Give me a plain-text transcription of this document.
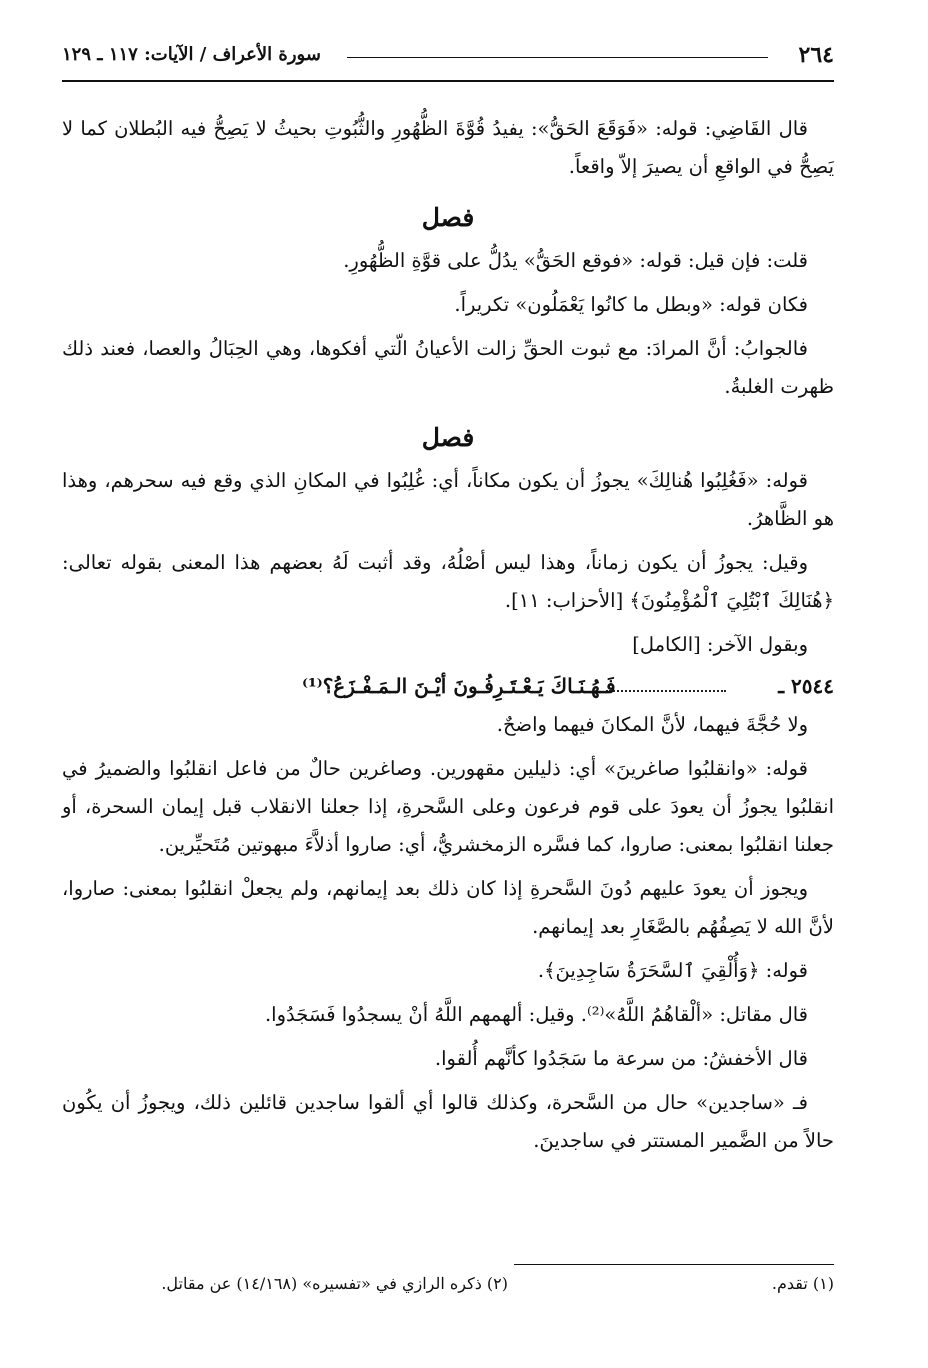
٢٦٤
سورة الأعراف / الآيات: ١١٧ ـ ١٢٩

قال القَاضِي: قوله: «فَوَقَعَ الحَقُّ»: يفيدُ قُوَّةَ الظُّهُورِ والثُّبُوتِ بحيثُ لا يَصِحُّ فيه البُطلان كما لا يَصِحُّ في الواقعِ أن يصيرَ إلاّ واقعاً.

فصل

قلت: فإن قيل: قوله: «فوقع الحَقُّ» يدُلُّ على قوَّةِ الظُّهُورِ.

فكان قوله: «وبطل ما كانُوا يَعْمَلُون» تكريراً.

فالجوابُ: أنَّ المرادَ: مع ثبوت الحقِّ زالت الأعيانُ الّتي أفكوها، وهي الحِبَالُ والعصا، فعند ذلك ظهرت الغلبةُ.

فصل

قوله: «فَغُلِبُوا هُنالِكَ» يجوزُ أن يكون مكاناً، أي: غُلِبُوا في المكانِ الذي وقع فيه سحرهم، وهذا هو الظَّاهرُ.

وقيل: يجوزُ أن يكون زماناً، وهذا ليس أصْلُهُ، وقد أثبت لَهُ بعضهم هذا المعنى بقوله تعالى: ﴿هُنَالِكَ ٱبْتُلِيَ ٱلْمُؤْمِنُونَ﴾ [الأحزاب: ١١].

وبقول الآخر: [الكامل]

٢٥٤٤ ـ
فَـهُـنَـاكَ يَـعْـتَـرِفُـونَ أيْـنَ الـمَـفْـزَعُ؟⁽¹⁾

ولا حُجَّةَ فيهما، لأنَّ المكانَ فيهما واضحٌ.

قوله: «وانقلبُوا صاغرينَ» أي: ذليلين مقهورين. وصاغرين حالٌ من فاعل انقلبُوا والضميرُ في انقلبُوا يجوزُ أن يعودَ على قوم فرعون وعلى السَّحرةِ، إذا جعلنا الانقلاب قبل إيمان السحرة، أو جعلنا انقلبُوا بمعنى: صاروا، كما فسَّره الزمخشريُّ، أي: صاروا أذلاَّءَ مبهوتين مُتَحيِّرين.

ويجوز أن يعودَ عليهم دُونَ السَّحرةِ إذا كان ذلك بعد إيمانهم، ولم يجعلْ انقلبُوا بمعنى: صاروا، لأنَّ الله لا يَصِفُهُم بالصَّغَارِ بعد إيمانهم.

قوله: ﴿وَأُلْقِيَ ٱلسَّحَرَةُ سَاجِدِينَ﴾.

قال مقاتل: «ألْقاهُمُ اللَّهُ»⁽²⁾. وقيل: ألهمهم اللَّهُ أنْ يسجدُوا فَسَجَدُوا.

قال الأخفشُ: من سرعة ما سَجَدُوا كأنَّهم أُلقوا.

فـ «ساجدين» حال من السَّحرة، وكذلك قالوا أي ألقوا ساجدين قائلين ذلك، ويجوزُ أن يكُون حالاً من الضَّمير المستتر في ساجدينَ.

(١) تقدم.
(٢) ذكره الرازي في «تفسيره» (١٤/١٦٨) عن مقاتل.
